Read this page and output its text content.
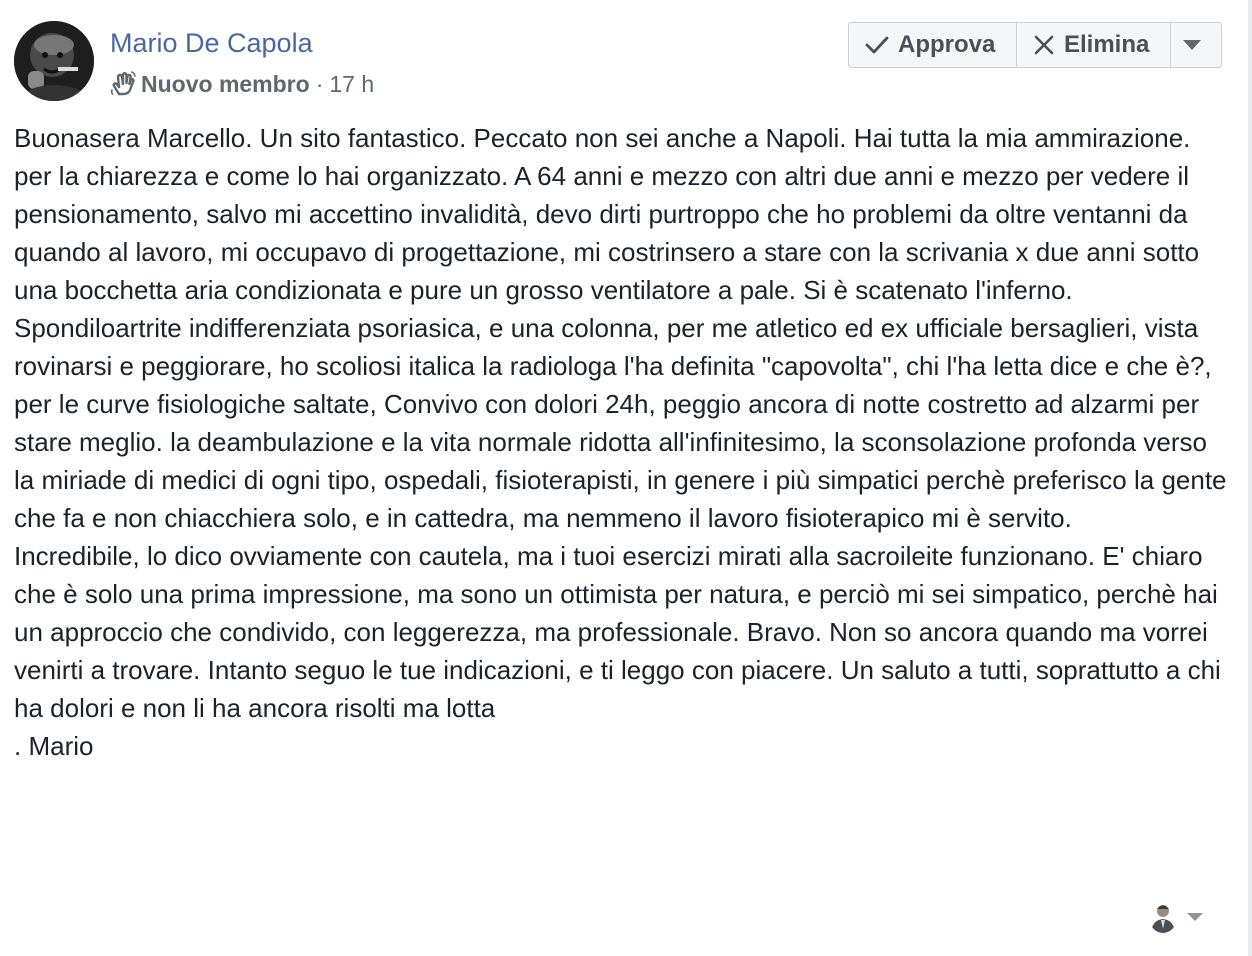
Mario De Capola
Nuovo membro · 17 h
Approva	Elimina

Buonasera Marcello. Un sito fantastico. Peccato non sei anche a Napoli. Hai tutta la mia ammirazione. per la chiarezza e come lo hai organizzato. A 64 anni e mezzo con altri due anni e mezzo per vedere il pensionamento, salvo mi accettino invalidità, devo dirti purtroppo che ho problemi da oltre ventanni da quando al lavoro, mi occupavo di progettazione, mi costrinsero a stare con la scrivania x due anni sotto una bocchetta aria condizionata e pure un grosso ventilatore a pale. Si è scatenato l'inferno. Spondiloartrite indifferenziata psoriasica, e una colonna, per me atletico ed ex ufficiale bersaglieri, vista rovinarsi e peggiorare, ho scoliosi italica la radiologa l'ha definita "capovolta", chi l'ha letta dice e che è?, per le curve fisiologiche saltate, Convivo con dolori 24h, peggio ancora di notte costretto ad alzarmi per stare meglio. la deambulazione e la vita normale ridotta all'infinitesimo, la sconsolazione profonda verso la miriade di medici di ogni tipo, ospedali, fisioterapisti, in genere i più simpatici perchè preferisco la gente che fa e non chiacchiera solo, e in cattedra, ma nemmeno il lavoro fisioterapico mi è servito.

Incredibile, lo dico ovviamente con cautela, ma i tuoi esercizi mirati alla sacroileite funzionano. E' chiaro che è solo una prima impressione, ma sono un ottimista per natura, e perciò mi sei simpatico, perchè hai un approccio che condivido, con leggerezza, ma professionale. Bravo. Non so ancora quando ma vorrei venirti a trovare. Intanto seguo le tue indicazioni, e ti leggo con piacere. Un saluto a tutti, soprattutto a chi ha dolori e non li ha ancora risolti ma lotta

. Mario
